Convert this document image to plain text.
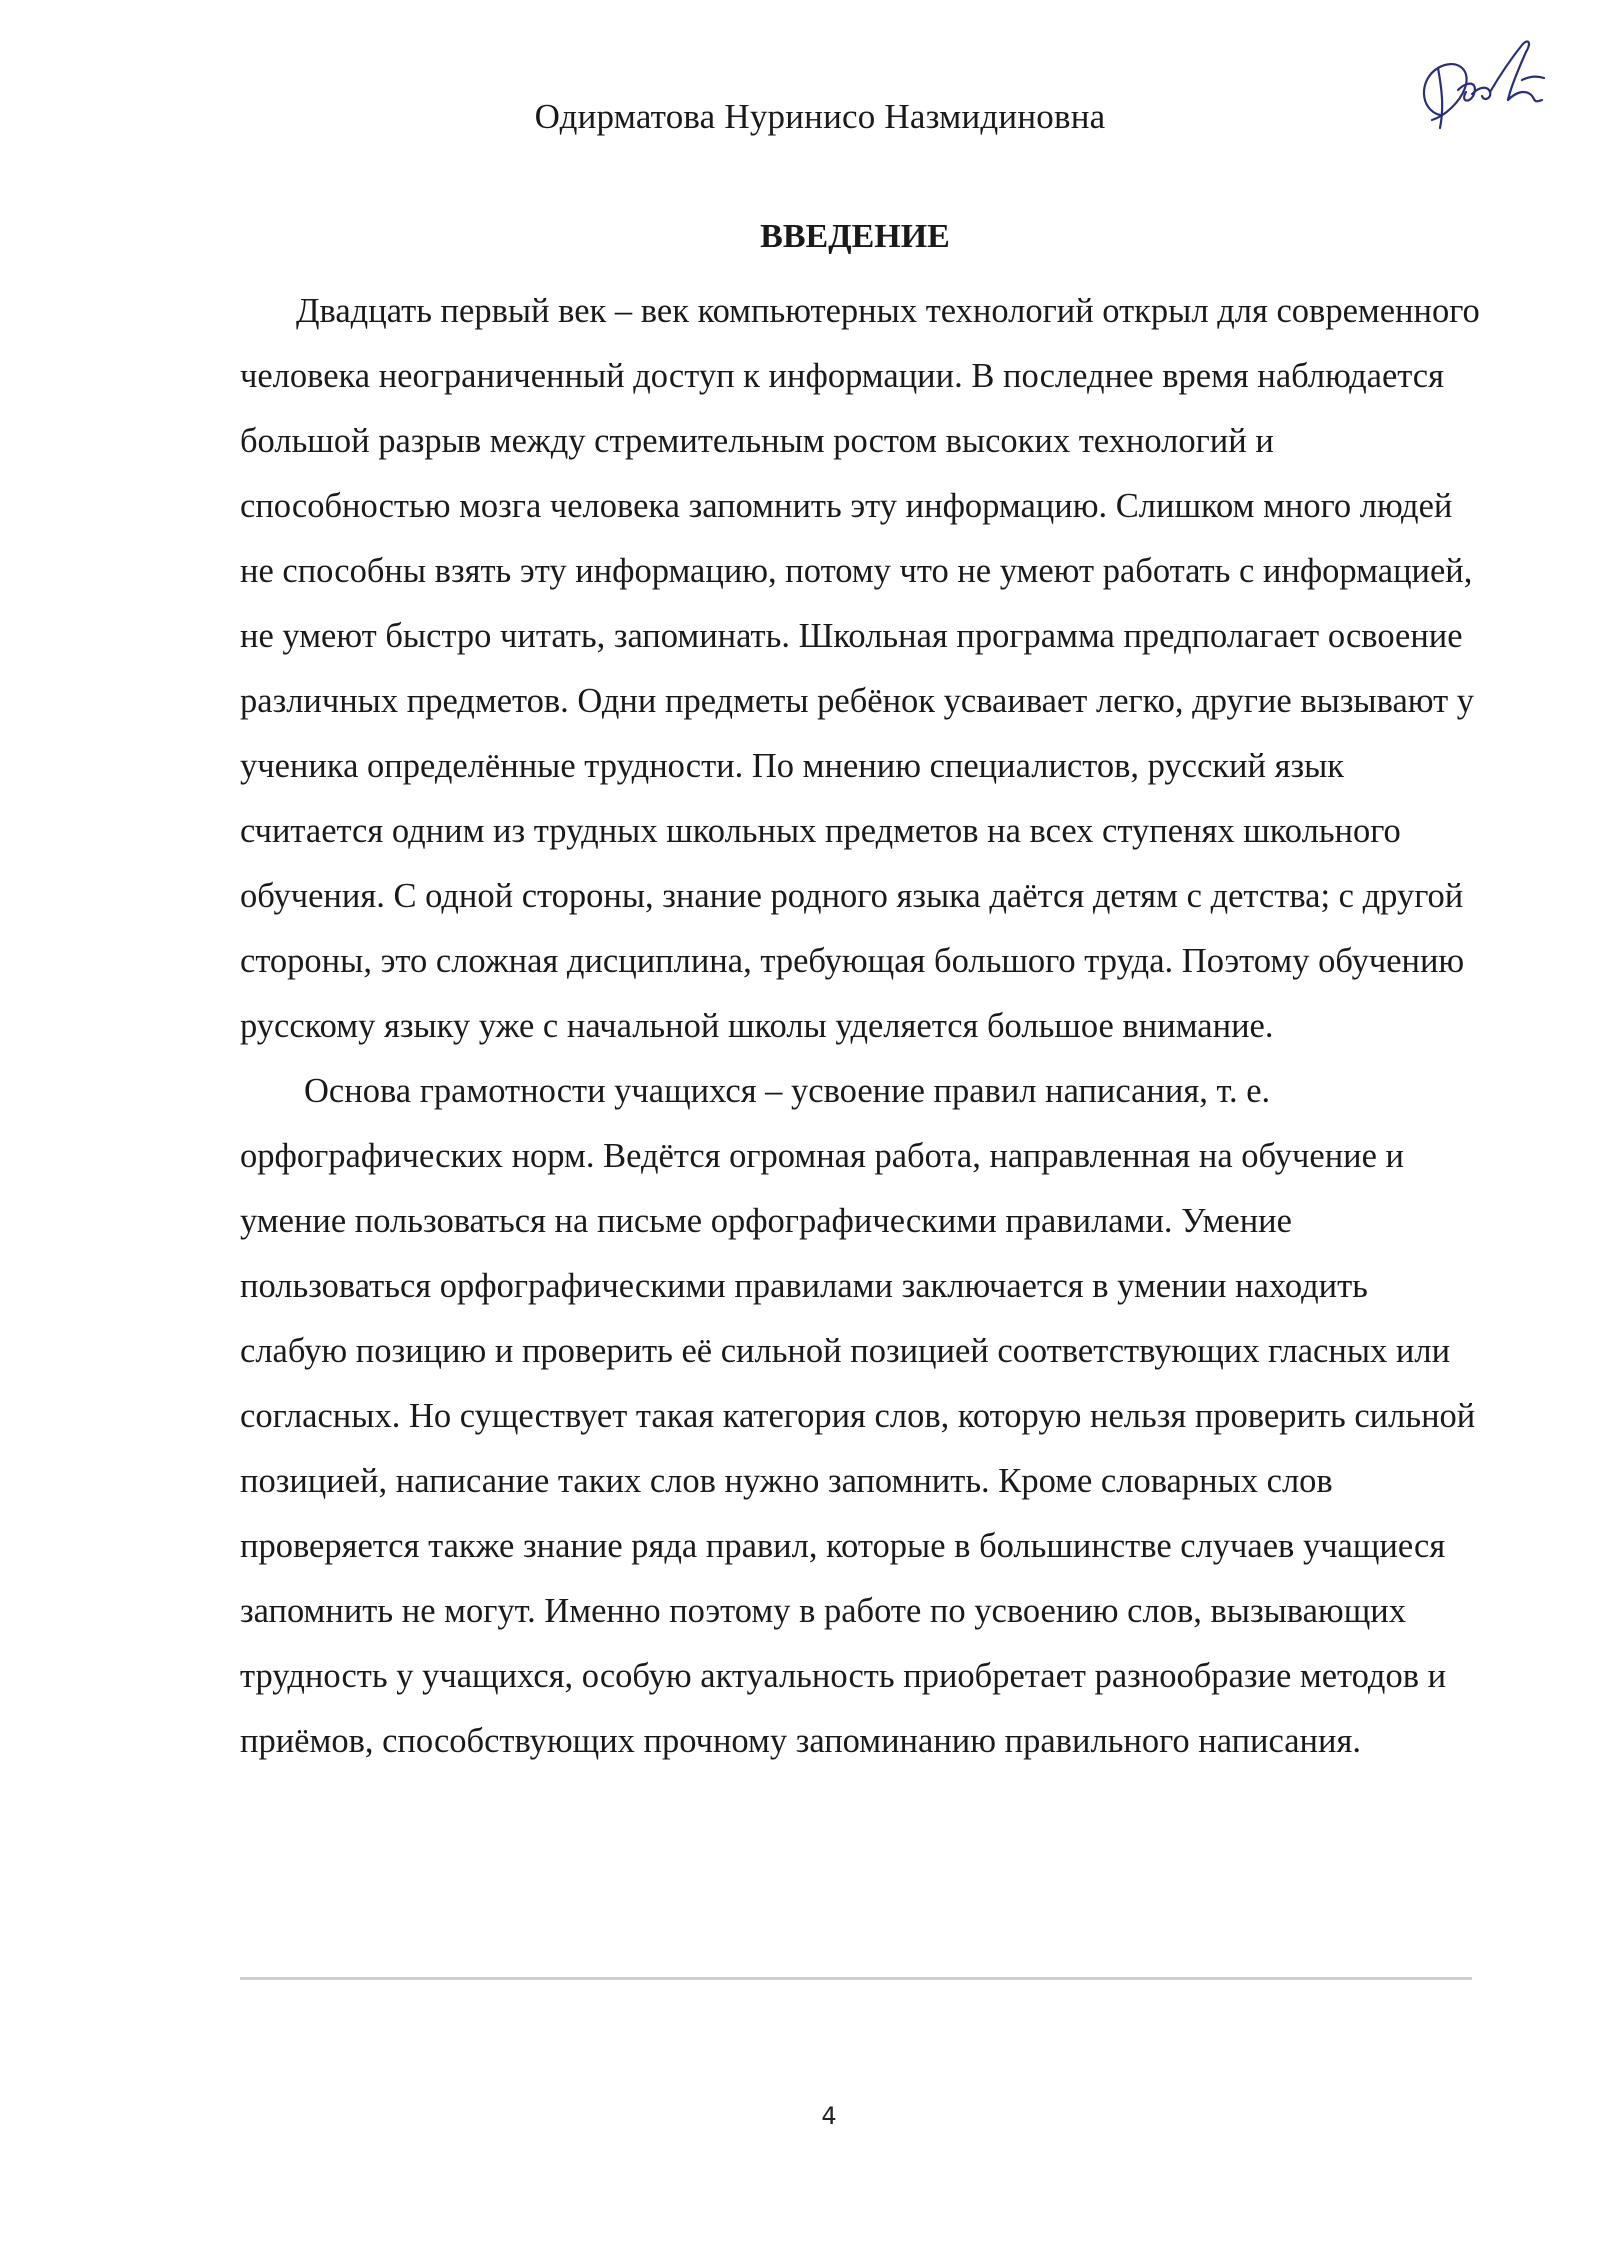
Одирматова Нуринисо Назмидиновна
ВВЕДЕНИЕ

Двадцать первый век – век компьютерных технологий открыл для современного человека неограниченный доступ к информации. В последнее время наблюдается большой разрыв между стремительным ростом высоких технологий и способностью мозга человека запомнить эту информацию. Слишком много людей не способны взять эту информацию, потому что не умеют работать с информацией, не умеют быстро читать, запоминать. Школьная программа предполагает освоение различных предметов. Одни предметы ребёнок усваивает легко, другие вызывают у ученика определённые трудности. По мнению специалистов, русский язык считается одним из трудных школьных предметов на всех ступенях школьного обучения. С одной стороны, знание родного языка даётся детям с детства; с другой стороны, это сложная дисциплина, требующая большого труда. Поэтому обучению русскому языку уже с начальной школы уделяется большое внимание.

Основа грамотности учащихся – усвоение правил написания, т. е. орфографических норм. Ведётся огромная работа, направленная на обучение и умение пользоваться на письме орфографическими правилами. Умение пользоваться орфографическими правилами заключается в умении находить слабую позицию и проверить её сильной позицией соответствующих гласных или согласных. Но существует такая категория слов, которую нельзя проверить сильной позицией, написание таких слов нужно запомнить. Кроме словарных слов проверяется также знание ряда правил, которые в большинстве случаев учащиеся запомнить не могут. Именно поэтому в работе по усвоению слов, вызывающих трудность у учащихся, особую актуальность приобретает разнообразие методов и приёмов, способствующих прочному запоминанию правильного написания.

4
